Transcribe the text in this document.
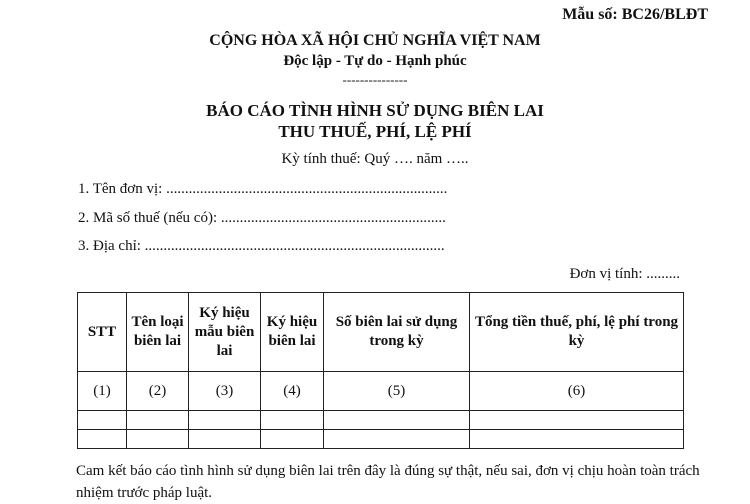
Mẫu số: BC26/BLĐT
CỘNG HÒA XÃ HỘI CHỦ NGHĨA VIỆT NAM
Độc lập - Tự do - Hạnh phúc
---------------
BÁO CÁO TÌNH HÌNH SỬ DỤNG BIÊN LAI
THU THUẾ, PHÍ, LỆ PHÍ
Kỳ tính thuế: Quý …. năm …..
1. Tên đơn vị: ...........................................................................
2. Mã số thuế (nếu có): ............................................................
3. Địa chỉ: ................................................................................
Đơn vị tính: .........
STT	Tên loại biên lai	Ký hiệu mẫu biên lai	Ký hiệu biên lai	Số biên lai sử dụng trong kỳ	Tổng tiền thuế, phí, lệ phí trong kỳ
(1)	(2)	(3)	(4)	(5)	(6)

Cam kết báo cáo tình hình sử dụng biên lai trên đây là đúng sự thật, nếu sai, đơn vị chịu hoàn toàn trách nhiệm trước pháp luật.
